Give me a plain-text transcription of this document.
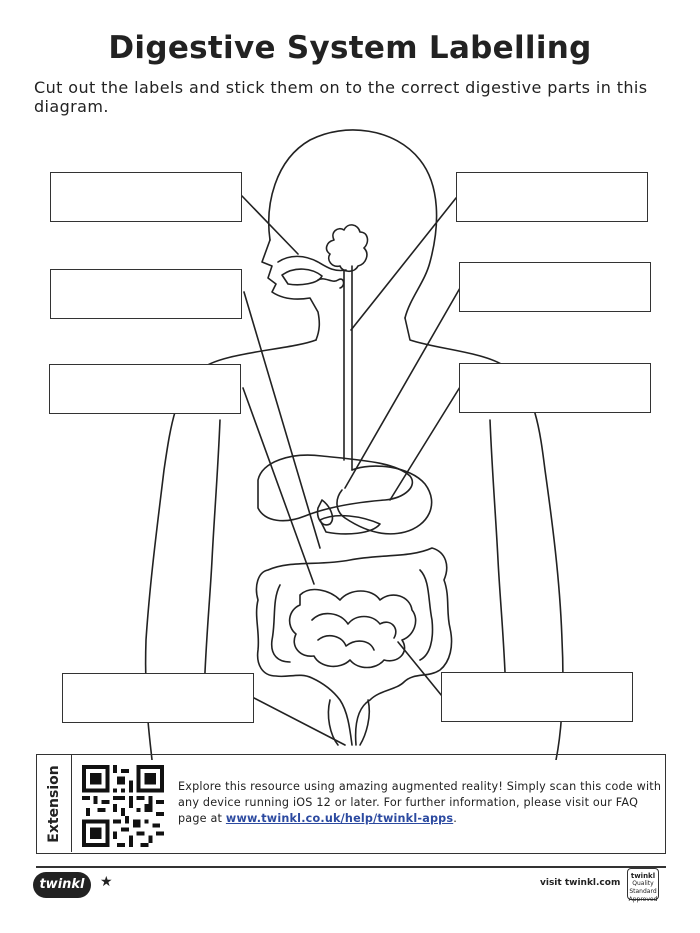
Digestive System Labelling
Cut out the labels and stick them on to the correct digestive parts in this diagram.
Extension	Explore this resource using amazing augmented reality! Simply scan this code with any device running iOS 12 or later. For further information, please visit our FAQ page at www.twinkl.co.uk/help/twinkl-apps.
twinkl	★	visit twinkl.com
twinkl
Quality Standard Approved
